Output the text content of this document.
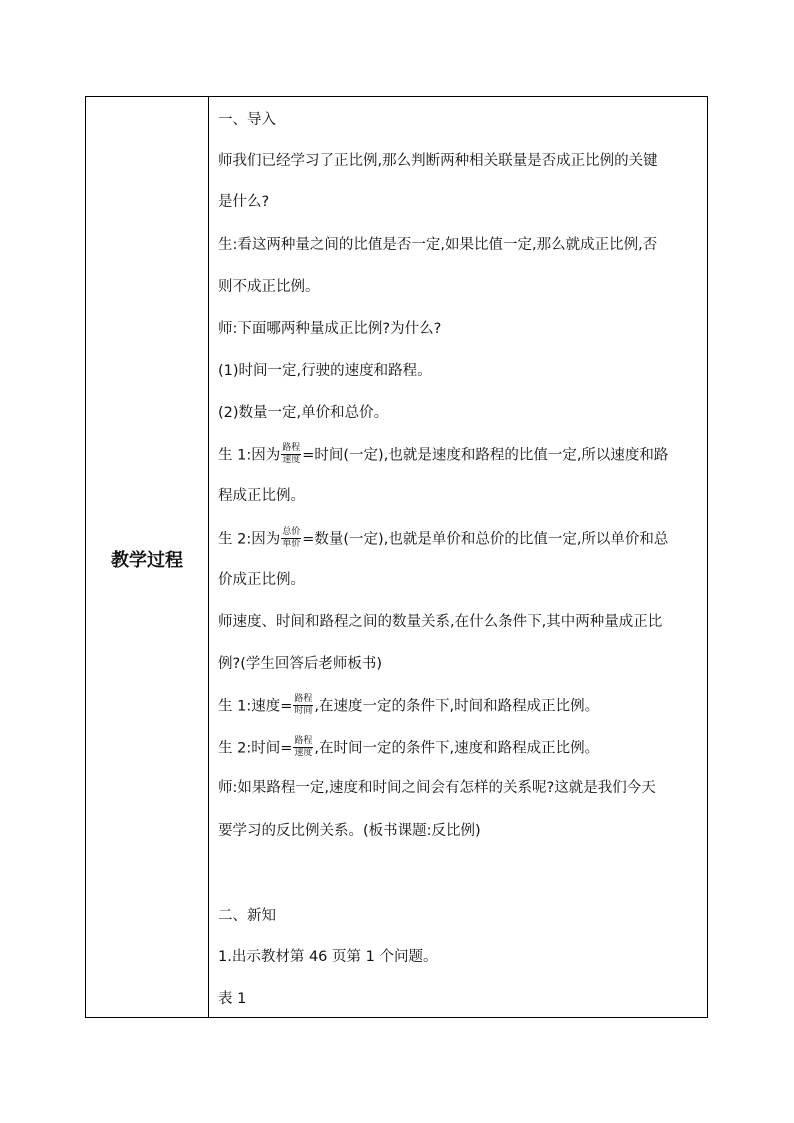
教学过程
一、导入
师我们已经学习了正比例,那么判断两种相关联量是否成正比例的关键
是什么?
生:看这两种量之间的比值是否一定,如果比值一定,那么就成正比例,否
则不成正比例。
师:下面哪两种量成正比例?为什么?
(1)时间一定,行驶的速度和路程。
(2)数量一定,单价和总价。
生 1:因为 $\frac{\text{路程}}{\text{速度}}$ =时间(一定),也就是速度和路程的比值一定,所以速度和路
程成正比例。
生 2:因为 $\frac{\text{总价}}{\text{单价}}$ =数量(一定),也就是单价和总价的比值一定,所以单价和总
价成正比例。
师速度、时间和路程之间的数量关系,在什么条件下,其中两种量成正比
例?(学生回答后老师板书)
生 1:速度= $\frac{\text{路程}}{\text{时间}}$ ,在速度一定的条件下,时间和路程成正比例。
生 2:时间= $\frac{\text{路程}}{\text{速度}}$ ,在时间一定的条件下,速度和路程成正比例。
师:如果路程一定,速度和时间之间会有怎样的关系呢?这就是我们今天
要学习的反比例关系。(板书课题:反比例)
二、新知
1.出示教材第 46 页第 1 个问题。
表 1
